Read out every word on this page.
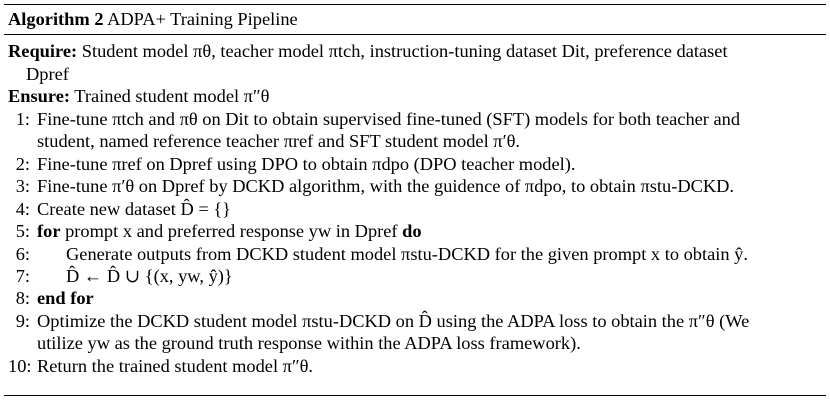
Algorithm 2 ADPA+ Training Pipeline
Require: Student model πθ, teacher model πtch, instruction-tuning dataset Dit, preference dataset
Dpref
Ensure: Trained student model π″θ
1: Fine-tune πtch and πθ on Dit to obtain supervised fine-tuned (SFT) models for both teacher and
student, named reference teacher πref and SFT student model π′θ.
2: Fine-tune πref on Dpref using DPO to obtain πdpo (DPO teacher model).
3: Fine-tune π′θ on Dpref by DCKD algorithm, with the guidence of πdpo, to obtain πstu-DCKD.
4: Create new dataset D̂ = {}
5: for prompt x and preferred response yw in Dpref do
6: Generate outputs from DCKD student model πstu-DCKD for the given prompt x to obtain ŷ.
7: D̂ ← D̂ ∪ {(x, yw, ŷ)}
8: end for
9: Optimize the DCKD student model πstu-DCKD on D̂ using the ADPA loss to obtain the π″θ (We
utilize yw as the ground truth response within the ADPA loss framework).
10: Return the trained student model π″θ.
